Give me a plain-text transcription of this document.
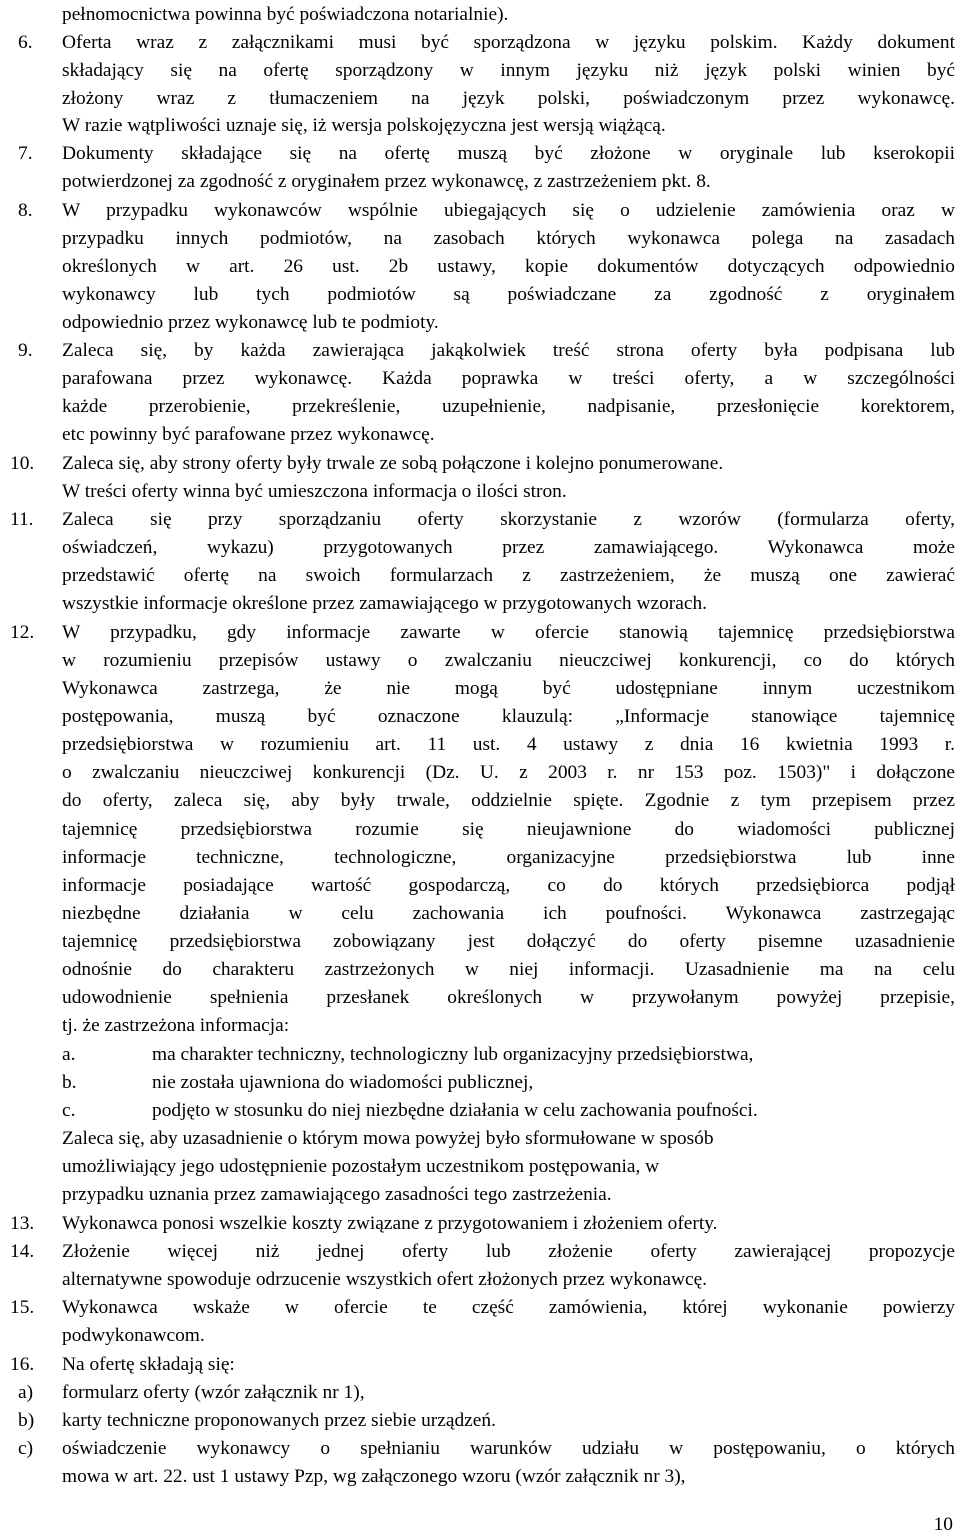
pełnomocnictwa powinna być poświadczona notarialnie).
6. Oferta wraz z załącznikami musi być sporządzona w języku polskim. Każdy dokument
składający się na ofertę sporządzony w innym języku niż język polski winien być
złożony wraz z tłumaczeniem na język polski, poświadczonym przez wykonawcę.
W razie wątpliwości uznaje się, iż wersja polskojęzyczna jest wersją wiążącą.
7. Dokumenty składające się na ofertę muszą być złożone w oryginale lub kserokopii
potwierdzonej za zgodność z oryginałem przez wykonawcę, z zastrzeżeniem pkt. 8.
8. W przypadku wykonawców wspólnie ubiegających się o udzielenie zamówienia oraz w
przypadku innych podmiotów, na zasobach których wykonawca polega na zasadach
określonych w art. 26 ust. 2b ustawy, kopie dokumentów dotyczących odpowiednio
wykonawcy lub tych podmiotów są poświadczane za zgodność z oryginałem
odpowiednio przez wykonawcę lub te podmioty.
9. Zaleca się, by każda zawierająca jakąkolwiek treść strona oferty była podpisana lub
parafowana przez wykonawcę. Każda poprawka w treści oferty, a w szczególności
każde przerobienie, przekreślenie, uzupełnienie, nadpisanie, przesłonięcie korektorem,
etc powinny być parafowane przez wykonawcę.
10. Zaleca się, aby strony oferty były trwale ze sobą połączone i kolejno ponumerowane.
W treści oferty winna być umieszczona informacja o ilości stron.
11. Zaleca się przy sporządzaniu oferty skorzystanie z wzorów (formularza oferty,
oświadczeń, wykazu) przygotowanych przez zamawiającego. Wykonawca może
przedstawić ofertę na swoich formularzach z zastrzeżeniem, że muszą one zawierać
wszystkie informacje określone przez zamawiającego w przygotowanych wzorach.
12. W przypadku, gdy informacje zawarte w ofercie stanowią tajemnicę przedsiębiorstwa
w rozumieniu przepisów ustawy o zwalczaniu nieuczciwej konkurencji, co do których
Wykonawca zastrzega, że nie mogą być udostępniane innym uczestnikom
postępowania, muszą być oznaczone klauzulą: „Informacje stanowiące tajemnicę
przedsiębiorstwa w rozumieniu art. 11 ust. 4 ustawy z dnia 16 kwietnia 1993 r.
o zwalczaniu nieuczciwej konkurencji (Dz. U. z 2003 r. nr 153 poz. 1503)" i dołączone
do oferty, zaleca się, aby były trwale, oddzielnie spięte. Zgodnie z tym przepisem przez
tajemnicę przedsiębiorstwa rozumie się nieujawnione do wiadomości publicznej
informacje techniczne, technologiczne, organizacyjne przedsiębiorstwa lub inne
informacje posiadające wartość gospodarczą, co do których przedsiębiorca podjął
niezbędne działania w celu zachowania ich poufności. Wykonawca zastrzegając
tajemnicę przedsiębiorstwa zobowiązany jest dołączyć do oferty pisemne uzasadnienie
odnośnie do charakteru zastrzeżonych w niej informacji. Uzasadnienie ma na celu
udowodnienie spełnienia przesłanek określonych w przywołanym powyżej przepisie,
tj. że zastrzeżona informacja:
a.	ma charakter techniczny, technologiczny lub organizacyjny przedsiębiorstwa,
b.	nie została ujawniona do wiadomości publicznej,
c.	podjęto w stosunku do niej niezbędne działania w celu zachowania poufności.
Zaleca się, aby uzasadnienie o którym mowa powyżej było sformułowane w sposób
umożliwiający jego udostępnienie pozostałym uczestnikom postępowania, w
przypadku uznania przez zamawiającego zasadności tego zastrzeżenia.
13. Wykonawca ponosi wszelkie koszty związane z przygotowaniem i złożeniem oferty.
14. Złożenie więcej niż jednej oferty lub złożenie oferty zawierającej propozycje
alternatywne spowoduje odrzucenie wszystkich ofert złożonych przez wykonawcę.
15. Wykonawca wskaże w ofercie te część zamówienia, której wykonanie powierzy
podwykonawcom.
16. Na ofertę składają się:
a) formularz oferty (wzór załącznik nr 1),
b) karty techniczne proponowanych przez siebie urządzeń.
c) oświadczenie wykonawcy o spełnianiu warunków udziału w postępowaniu, o których
mowa w art. 22. ust 1 ustawy Pzp, wg załączonego wzoru (wzór załącznik nr 3),
10
